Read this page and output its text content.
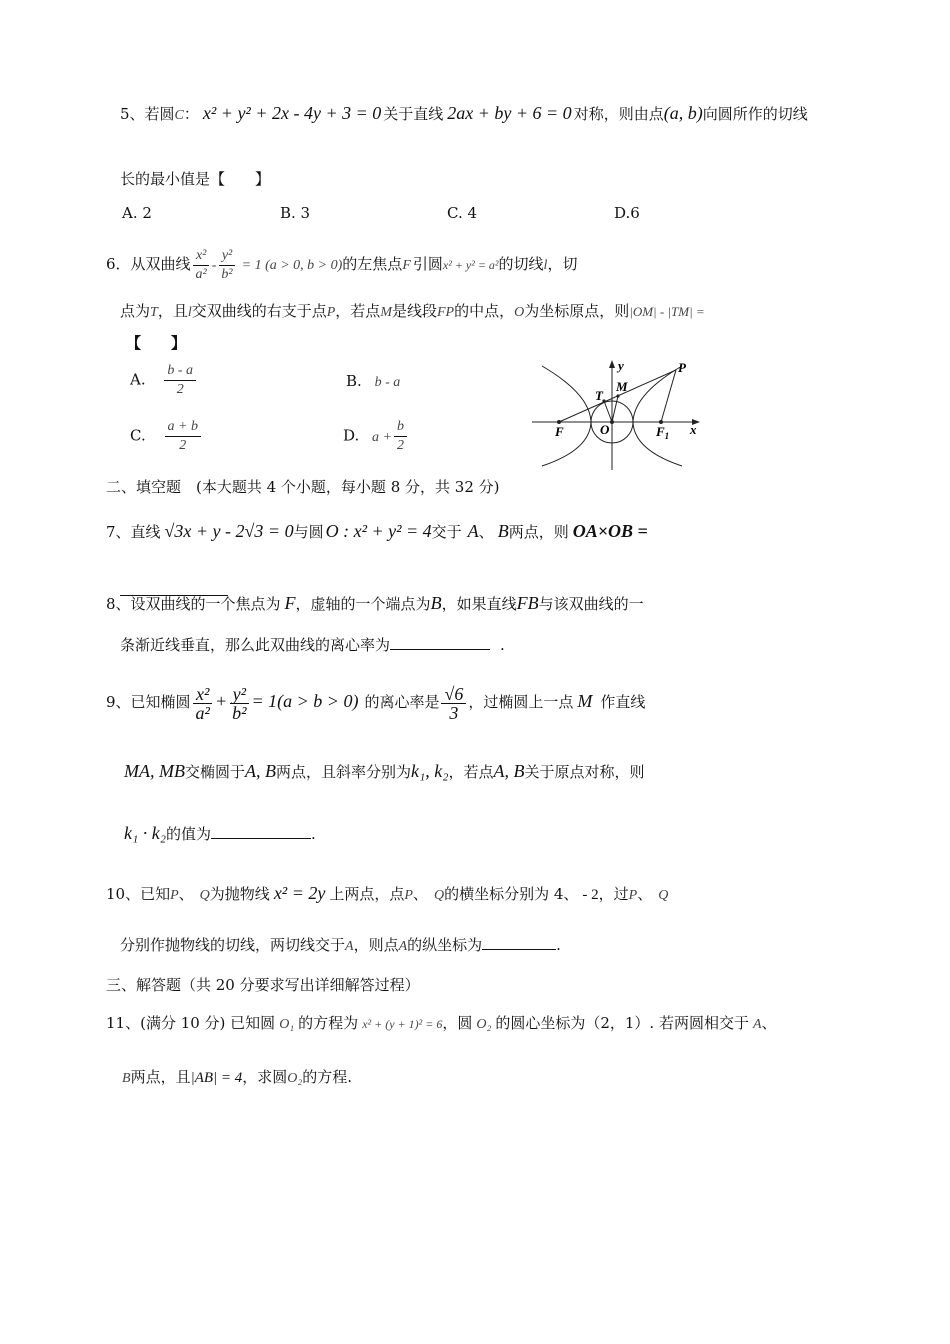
5、若圆C： x² + y² + 2x - 4y + 3 = 0 关于直线 2ax + by + 6 = 0 对称，则由点(a, b)向圆所作的切线
长的最小值是【　　】
A. 2	B. 3	C. 4	D.6
6．从双曲线 $\frac{\text{x²}}{\text{a²}} - \frac{\text{y²}}{\text{b²}} = 1$ (a > 0, b > 0)的左焦点F 引圆x² + y² = a²的切线l，切
点为T，且l交双曲线的右支于点P，若点M是线段FP的中点，O为坐标原点，则|OM| - |TM| =
【　　】
A. $\frac{b - a}{2}$	B. b - a
C. $\frac{a + b}{2}$	D. $a + \frac{b}{2}$
y
x
P
T
M
F	O	$F_1$
二、填空题　(本大题共 4 个小题，每小题 8 分，共 32 分)
7、直线 √3x + y - 2√3 = 0与圆 O : x² + y² = 4交于 A、 B两点，则 OA×OB =
8、设双曲线的一个焦点为 F，虚轴的一个端点为B，如果直线FB与该双曲线的一
条渐近线垂直，那么此双曲线的离心率为	.
9、已知椭圆 $\frac{\text{x²}}{\text{a²}} + \frac{\text{y²}}{\text{b²}} = 1(a > b > 0)$ 的离心率是 $\frac{√6}{3}$ ，过椭圆上一点 M 作直线
MA, MB交椭圆于A, B两点，且斜率分别为k₁, k₂，若点A, B关于原点对称，则
k₁ · k₂的值为	.
10、已知P、 Q为抛物线 x² = 2y 上两点，点P、 Q的横坐标分别为 4、 - 2，过P、 Q
分别作抛物线的切线，两切线交于A，则点A的纵坐标为	.
三、解答题（共 20 分要求写出详细解答过程）
11、(满分 10 分) 已知圆 O₁ 的方程为 x² + (y + 1)² = 6，圆 O₂ 的圆心坐标为（2，1）. 若两圆相交于 A、
B两点，且|AB| = 4，求圆O₂的方程.
